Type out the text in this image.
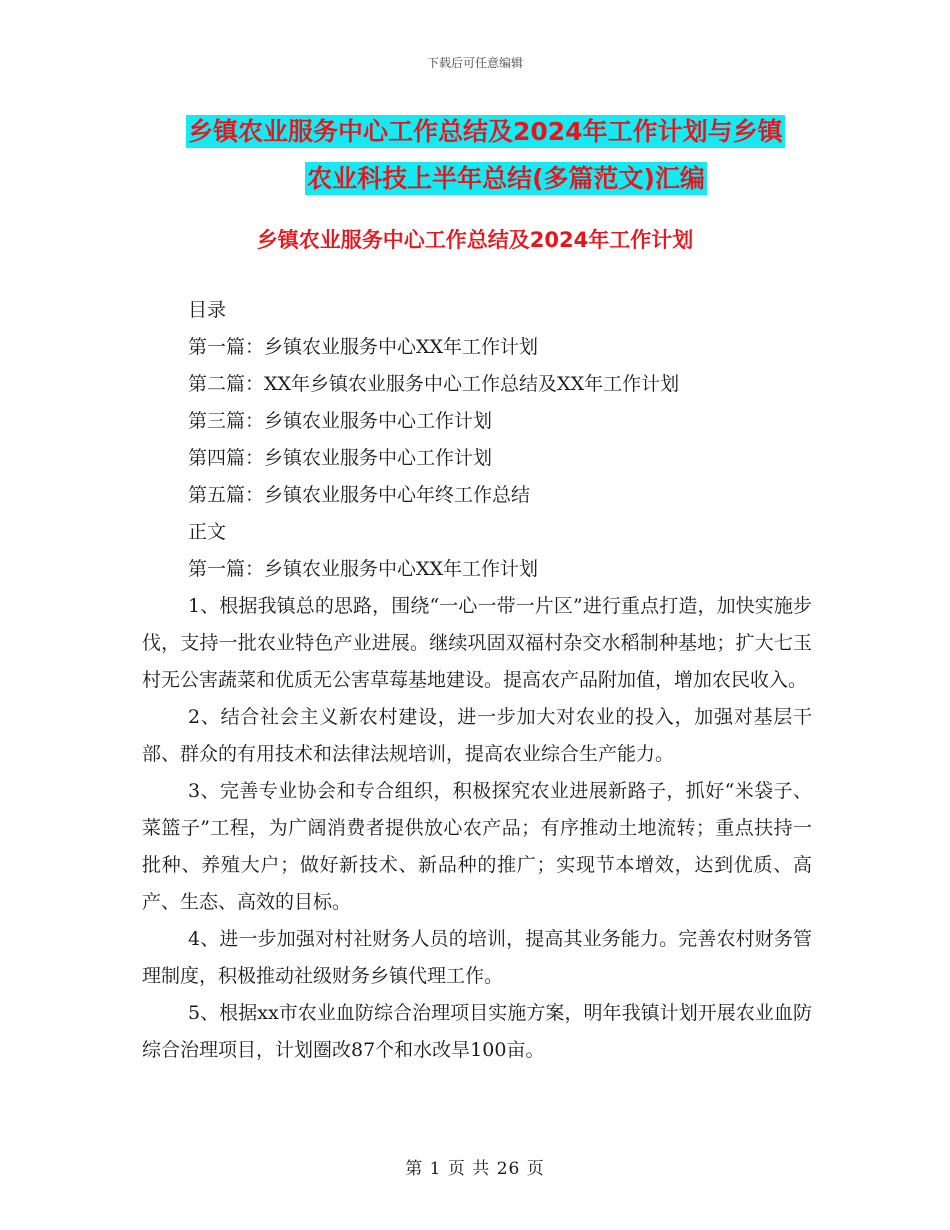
下载后可任意编辑
乡镇农业服务中心工作总结及2024年工作计划与乡镇

农业科技上半年总结(多篇范文)汇编
乡镇农业服务中心工作总结及2024年工作计划
目录
第一篇：乡镇农业服务中心XX年工作计划
第二篇：XX年乡镇农业服务中心工作总结及XX年工作计划
第三篇：乡镇农业服务中心工作计划
第四篇：乡镇农业服务中心工作计划
第五篇：乡镇农业服务中心年终工作总结
正文
第一篇：乡镇农业服务中心XX年工作计划

1、根据我镇总的思路，围绕“一心一带一片区”进行重点打造，加快实施步伐，支持一批农业特色产业进展。继续巩固双福村杂交水稻制种基地；扩大七玉村无公害蔬菜和优质无公害草莓基地建设。提高农产品附加值，增加农民收入。

2、结合社会主义新农村建设，进一步加大对农业的投入，加强对基层干部、群众的有用技术和法律法规培训，提高农业综合生产能力。

3、完善专业协会和专合组织，积极探究农业进展新路子，抓好“米袋子、菜篮子”工程，为广阔消费者提供放心农产品；有序推动土地流转；重点扶持一批种、养殖大户；做好新技术、新品种的推广；实现节本增效，达到优质、高产、生态、高效的目标。

4、进一步加强对村社财务人员的培训，提高其业务能力。完善农村财务管理制度，积极推动社级财务乡镇代理工作。

5、根据xx市农业血防综合治理项目实施方案，明年我镇计划开展农业血防综合治理项目，计划圈改87个和水改旱100亩。

第 1 页 共 26 页
